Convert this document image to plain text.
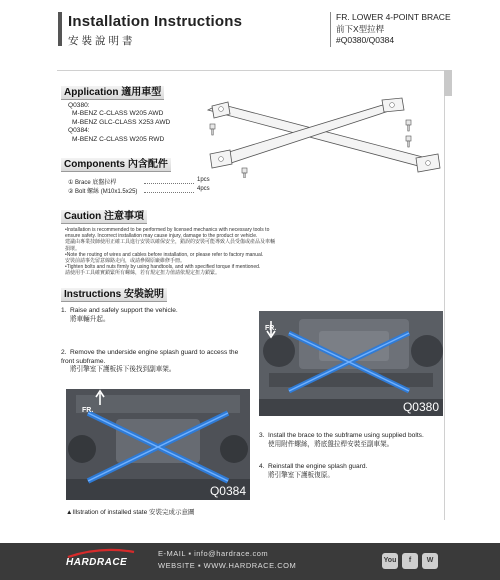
Installation Instructions
安裝說明書
FR. LOWER 4-POINT BRACE
前下X型拉桿
#Q0380/Q0384
Application 適用車型
Q0380:
M-BENZ C-CLASS W205 AWD
M-BENZ GLC-CLASS X253 AWD
Q0384:
M-BENZ C-CLASS W205 RWD
Components 內含配件
① Brace 底盤拉桿	1pcs
② Bolt 螺絲 (M10x1.5x25)	4pcs
Caution 注意事項
•Installation is recommended to be performed by licensed mechanics with necessary tools to ensure safety. Incorrect installation may cause injury, damage to the product or vehicle.
建議由專業技師使用正確工具進行安裝以確保安全，錯誤的安裝可能導致人員受傷或產品及車輛損壞。
•Note the routing of wires and cables before installation, or please refer to factory manual.
安裝前請事先留意線路走向，或請參閱原廠維修手冊。
•Tighten bolts and nuts firmly by using handtools, and with specified torque if mentioned.
請使用手工具確實鎖緊所有螺絲，若有規定扭力值請依規定扭力鎖緊。
Instructions 安裝說明
1. Raise and safely support the vehicle.
將車輛升起。
2. Remove the underside engine splash guard to access the front subframe.
將引擎室下護板拆下後找到副車架。
3. Install the brace to the subframe using supplied bolts.
使用附件螺絲，將底盤拉桿安裝至副車架。
4. Reinstall the engine splash guard.
將引擎室下護板復原。
FR.
Q0380
FR.
Q0384
▲Illstration of installed state 安裝完成示意圖
HARDRACE
E-MAIL ▪ info@hardrace.com
WEBSITE ▪ WWW.HARDRACE.COM
You	f	W
